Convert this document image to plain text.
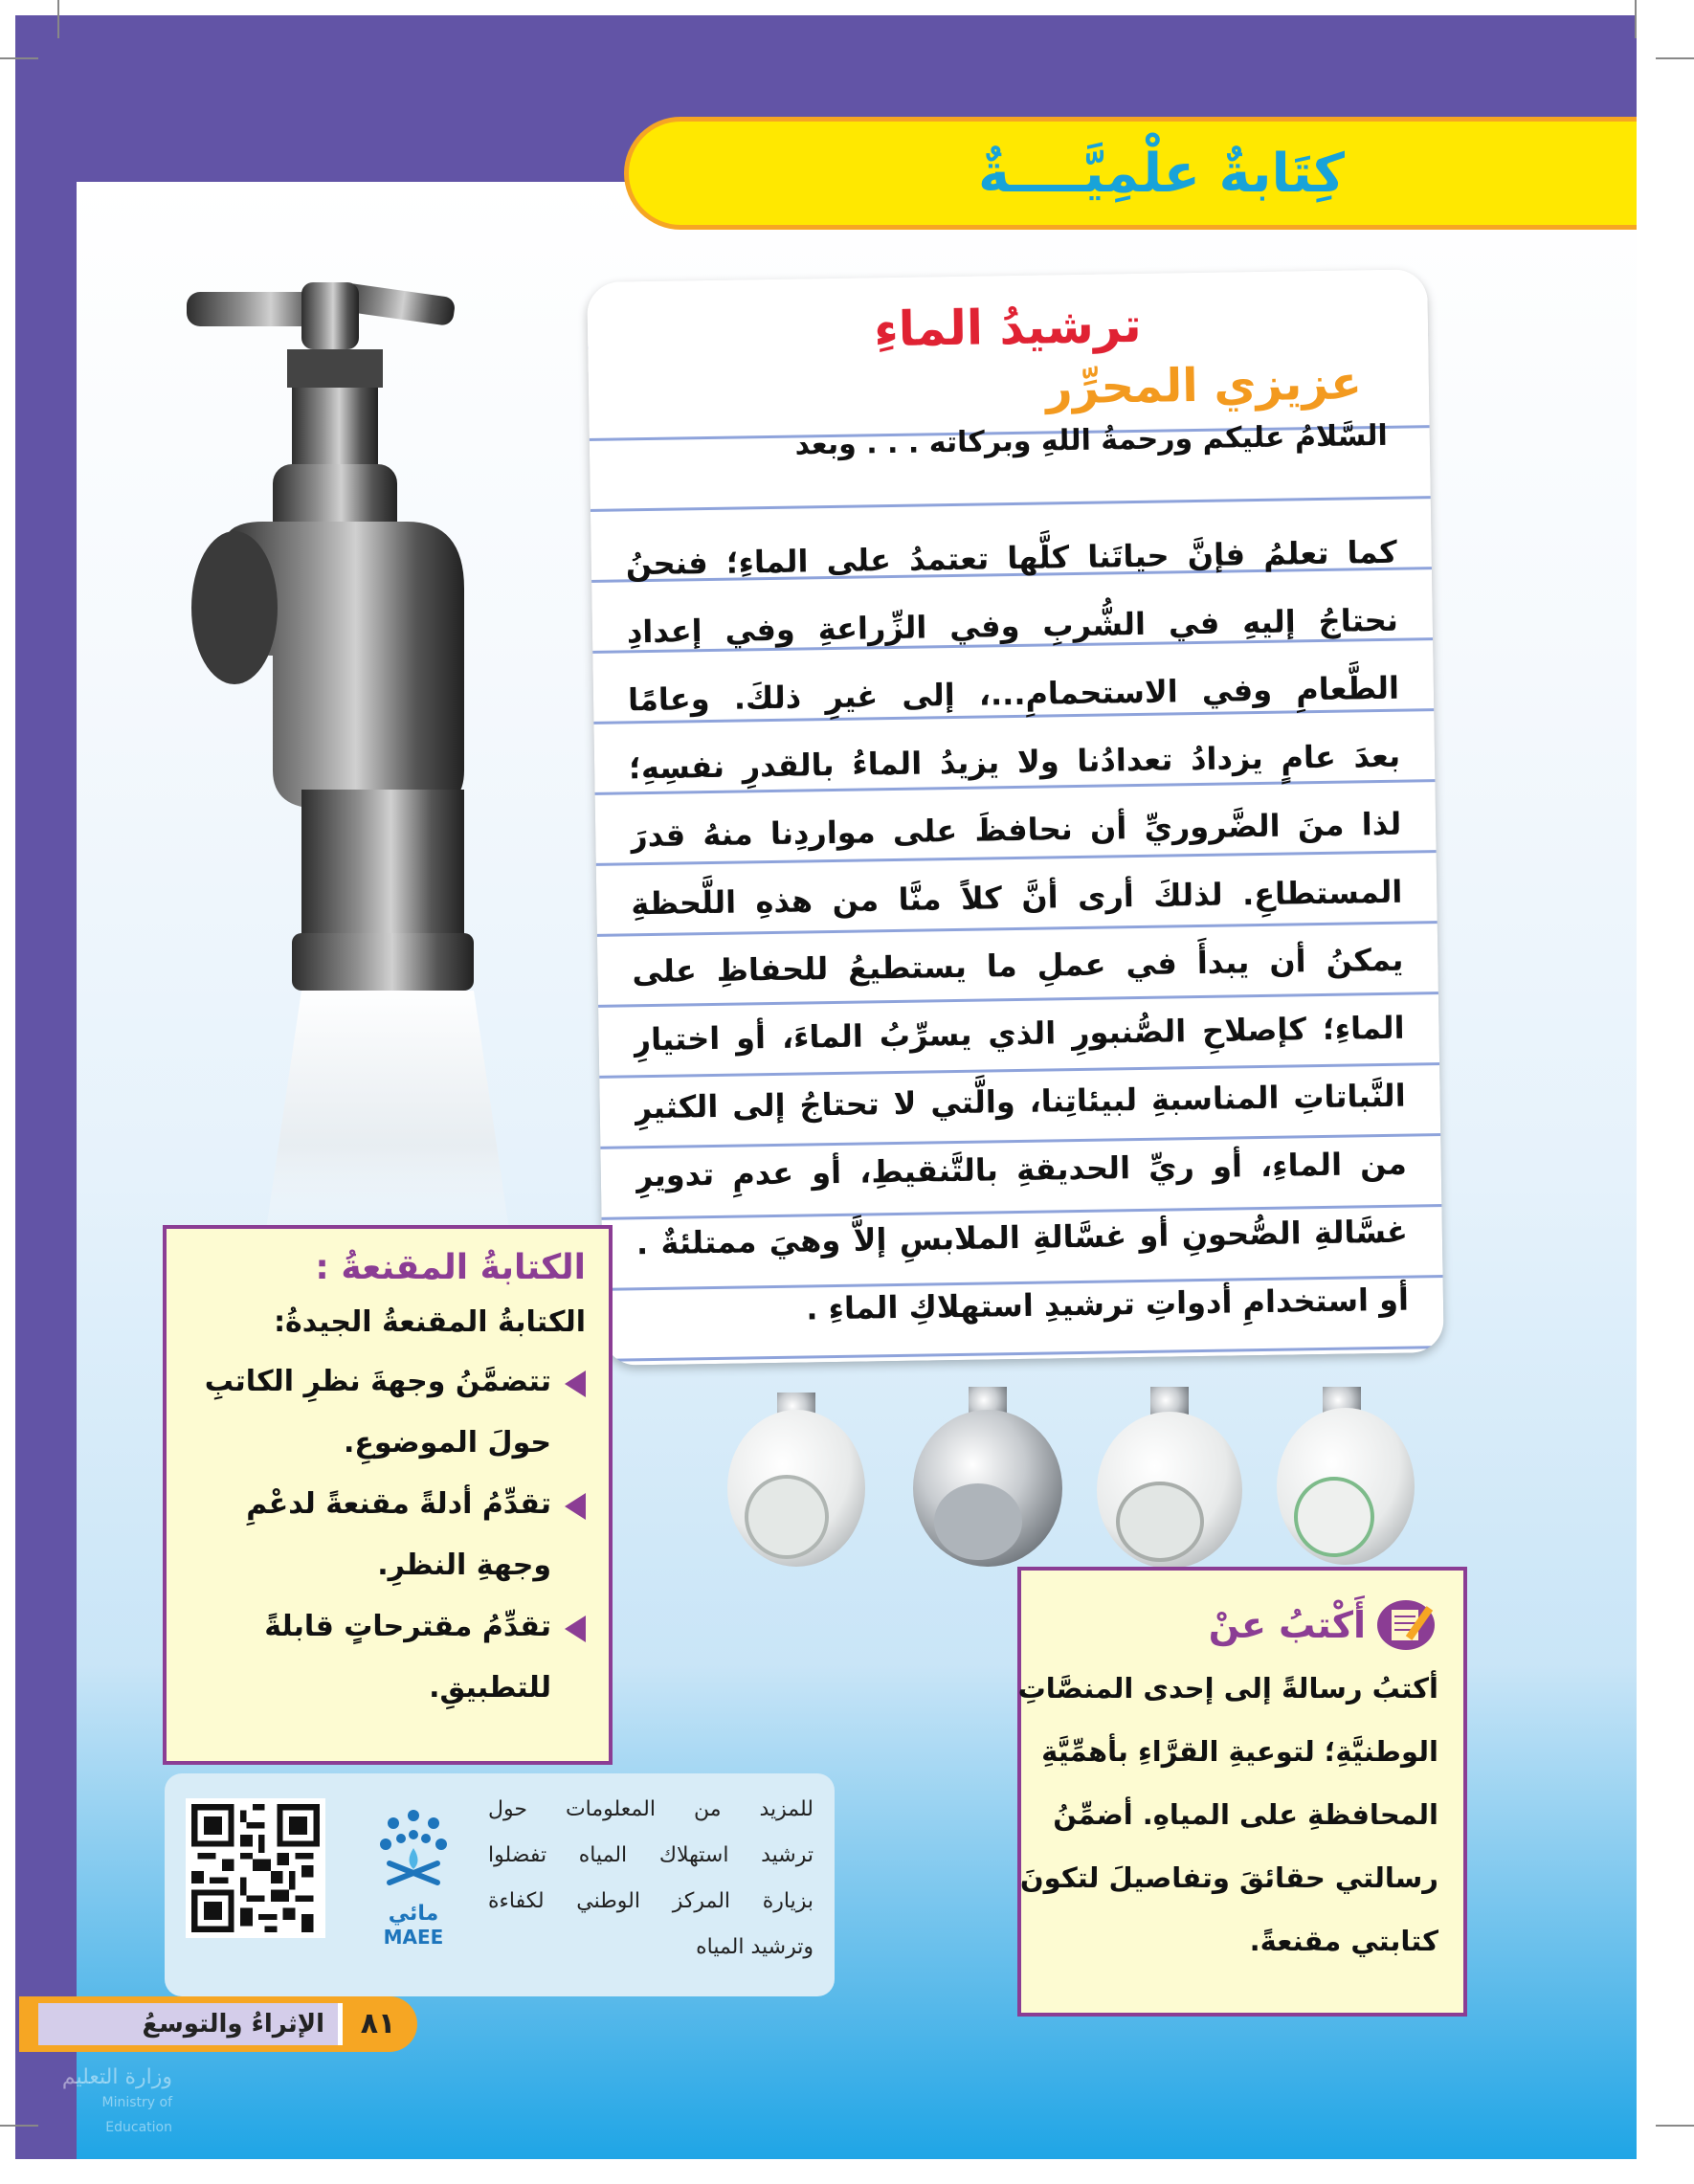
كِتَابةٌ علْمِيَّــــةٌ
ترشيدُ الماءِ
عزيزي المحرِّر
السَّلامُ عليكم ورحمةُ اللهِ وبركاته . . . وبعد
كما تعلمُ فإنَّ حياتَنا كلَّها تعتمدُ على الماءِ؛ فنحنُ
نحتاجُ إليهِ في الشُّربِ وفي الزِّراعةِ وفي إعدادِ
الطَّعامِ وفي الاستحمامِ...، إلى غيرِ ذلكَ. وعامًا
بعدَ عامٍ يزدادُ تعدادُنا ولا يزيدُ الماءُ بالقدرِ نفسِهِ؛
لذا منَ الضَّروريِّ أن نحافظَ على مواردِنا منهُ قدرَ
المستطاعِ. لذلكَ أرى أنَّ كلاً منَّا من هذهِ اللَّحظةِ
يمكنُ أن يبدأَ في عملِ ما يستطيعُ للحفاظِ على
الماءِ؛ كإصلاحِ الصُّنبورِ الذي يسرِّبُ الماءَ، أو اختيارِ
النَّباتاتِ المناسبةِ لبيئاتِنا، والَّتي لا تحتاجُ إلى الكثيرِ
من الماءِ، أو ريِّ الحديقةِ بالتَّنقيطِ، أو عدمِ تدويرِ
غسَّالةِ الصُّحونِ أو غسَّالةِ الملابسِ إلاَّ وهيَ ممتلئةٌ .
أو استخدامِ أدواتِ ترشيدِ استهلاكِ الماءِ .
الكتابةُ المقنعةُ :
الكتابةُ المقنعةُ الجيدةُ:
تتضمَّنُ وجهةَ نظرِ الكاتبِ حولَ الموضوعِ.
تقدِّمُ أدلةً مقنعةً لدعْمِ وجهةِ النظرِ.
تقدِّمُ مقترحاتٍ قابلةً للتطبيقِ.
أَكْتبُ عنْ
أكتبُ رسالةً إلى إحدى المنصَّاتِ
الوطنيَّةِ؛ لتوعيةِ القرَّاءِ بأهمِّيَّةِ
المحافظةِ على المياهِ. أضمِّنُ
رسالتي حقائقَ وتفاصيلَ لتكونَ
كتابتي مقنعةً.
مائي
MAEE
للمزيد من المعلومات حول
ترشيد استهلاك المياه تفضلوا
بزيارة المركز الوطني لكفاءة
وترشيد المياه
الإثراءُ والتوسعُ	٨١
وزارة التعليم
Ministry of Education
